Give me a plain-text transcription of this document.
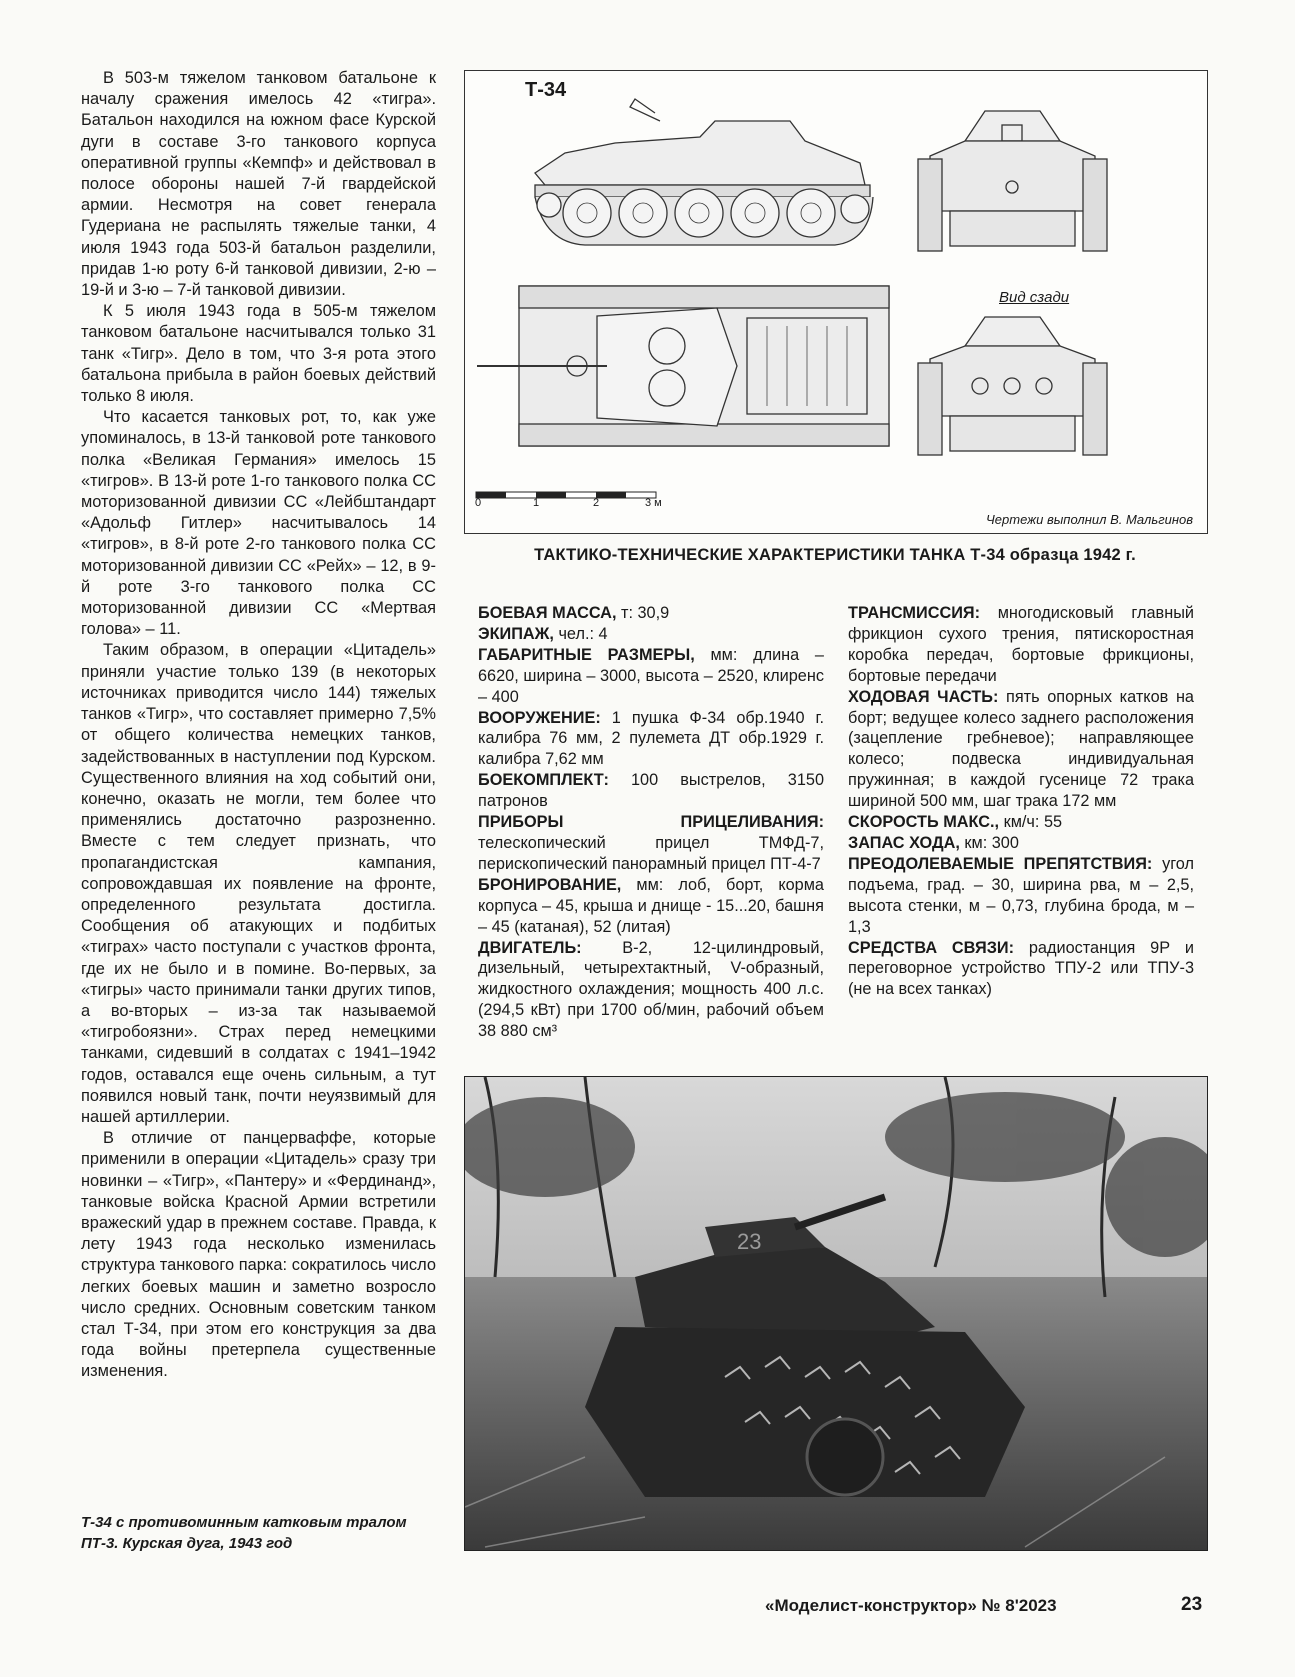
В 503-м тяжелом танковом батальоне к началу сражения имелось 42 «тигра». Батальон находился на южном фасе Курской дуги в составе 3-го танкового корпуса оперативной группы «Кемпф» и действовал в полосе обороны нашей 7-й гвардейской армии. Несмотря на совет генерала Гудериана не распылять тяжелые танки, 4 июля 1943 года 503-й батальон разделили, придав 1-ю роту 6-й танковой дивизии, 2-ю – 19-й и 3-ю – 7-й танковой дивизии.

К 5 июля 1943 года в 505-м тяжелом танковом батальоне насчитывался только 31 танк «Тигр». Дело в том, что 3-я рота этого батальона прибыла в район боевых действий только 8 июля.

Что касается танковых рот, то, как уже упоминалось, в 13-й танковой роте танкового полка «Великая Германия» имелось 15 «тигров». В 13-й роте 1-го танкового полка СС моторизованной дивизии СС «Лейбштандарт «Адольф Гитлер» насчитывалось 14 «тигров», в 8-й роте 2-го танкового полка СС моторизованной дивизии СС «Рейх» – 12, в 9-й роте 3-го танкового полка СС моторизованной дивизии СС «Мертвая голова» – 11.

Таким образом, в операции «Цитадель» приняли участие только 139 (в некоторых источниках приводится число 144) тяжелых танков «Тигр», что составляет примерно 7,5% от общего количества немецких танков, задействованных в наступлении под Курском. Существенного влияния на ход событий они, конечно, оказать не могли, тем более что применялись достаточно разрозненно. Вместе с тем следует признать, что пропагандистская кампания, сопровождавшая их появление на фронте, определенного результата достигла. Сообщения об атакующих и подбитых «тиграх» часто поступали с участков фронта, где их не было и в помине. Во-первых, за «тигры» часто принимали танки других типов, а во-вторых – из-за так называемой «тигробоязни». Страх перед немецкими танками, сидевший в солдатах с 1941–1942 годов, оставался еще очень сильным, а тут появился новый танк, почти неуязвимый для нашей артиллерии.

В отличие от панцерваффе, которые применили в операции «Цитадель» сразу три новинки – «Тигр», «Пантеру» и «Фердинанд», танковые войска Красной Армии встретили вражеский удар в прежнем составе. Правда, к лету 1943 года несколько изменилась структура танкового парка: сократилось число легких боевых машин и заметно возросло число средних. Основным советским танком стал Т-34, при этом его конструкция за два года войны претерпела существенные изменения.

Т-34 с противоминным катковым тралом ПТ-3. Курская дуга, 1943 год
Т-34
Вид сзади
0	1	2	3 м
Чертежи выполнил В. Мальгинов
ТАКТИКО-ТЕХНИЧЕСКИЕ ХАРАКТЕРИСТИКИ ТАНКА Т-34 образца 1942 г.

БОЕВАЯ МАССА, т: 30,9

ЭКИПАЖ, чел.: 4

ГАБАРИТНЫЕ РАЗМЕРЫ, мм: длина – 6620, ширина – 3000, высота – 2520, клиренс – 400

ВООРУЖЕНИЕ: 1 пушка Ф-34 обр.1940 г. калибра 76 мм, 2 пулемета ДТ обр.1929 г. калибра 7,62 мм

БОЕКОМПЛЕКТ: 100 выстрелов, 3150 патронов

ПРИБОРЫ ПРИЦЕЛИВАНИЯ: телескопический прицел ТМФД-7, перископический панорамный прицел ПТ-4-7

БРОНИРОВАНИЕ, мм: лоб, борт, корма корпуса – 45, крыша и днище - 15...20, башня – 45 (катаная), 52 (литая)

ДВИГАТЕЛЬ: В-2, 12-цилиндровый, дизельный, четырехтактный, V-образный, жидкостного охлаждения; мощность 400 л.с. (294,5 кВт) при 1700 об/мин, рабочий объем 38 880 см³

ТРАНСМИССИЯ: многодисковый главный фрикцион сухого трения, пятискоростная коробка передач, бортовые фрикционы, бортовые передачи

ХОДОВАЯ ЧАСТЬ: пять опорных катков на борт; ведущее колесо заднего расположения (зацепление гребневое); направляющее колесо; подвеска индивидуальная пружинная; в каждой гусенице 72 трака шириной 500 мм, шаг трака 172 мм

СКОРОСТЬ МАКС., км/ч: 55

ЗАПАС ХОДА, км: 300

ПРЕОДОЛЕВАЕМЫЕ ПРЕПЯТСТВИЯ: угол подъема, град. – 30, ширина рва, м – 2,5, высота стенки, м – 0,73, глубина брода, м – 1,3

СРЕДСТВА СВЯЗИ: радиостанция 9Р и переговорное устройство ТПУ-2 или ТПУ-3 (не на всех танках)

23
«Моделист-конструктор» № 8'2023	23
